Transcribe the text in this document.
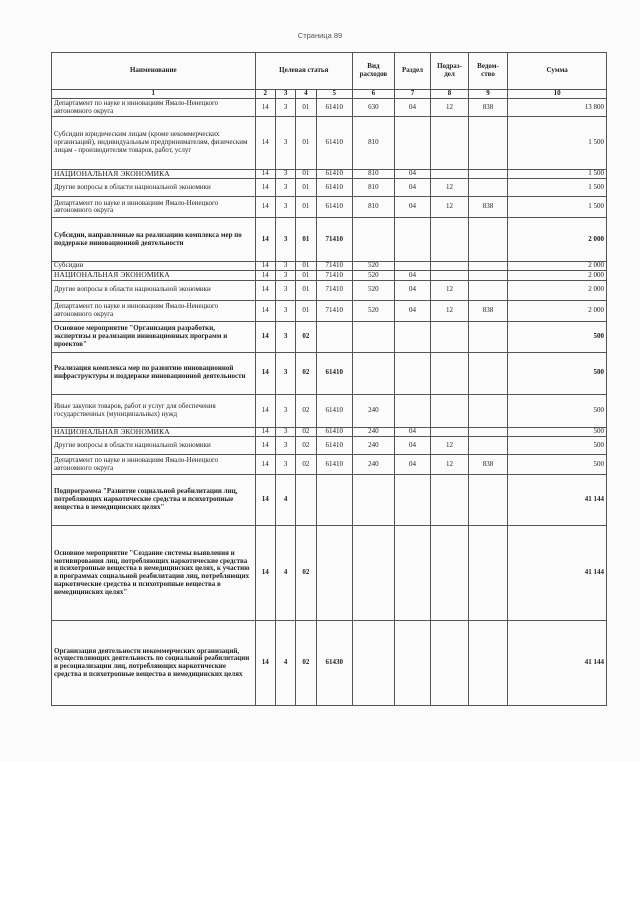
Страница 89
Наименование	Целевая статья				Вид расходов	Раздел	Подраз-дел	Ведом-ство	Сумма
1	2	3	4	5	6	7	8	9	10
Департамент по науке и инновациям Ямало-Ненецкого автономного округа	14	3	01	61410	630	04	12	838	13 800
Субсидии юридическим лицам (кроме некоммерческих организаций), индивидуальным предпринимателям, физическим лицам - производителям товаров, работ, услуг	14	3	01	61410	810				1 500
НАЦИОНАЛЬНАЯ ЭКОНОМИКА	14	3	01	61410	810	04			1 500
Другие вопросы в области национальной экономики	14	3	01	61410	810	04	12		1 500
Департамент по науке и инновациям Ямало-Ненецкого автономного округа	14	3	01	61410	810	04	12	838	1 500
Субсидии, направленные на реализацию комплекса мер по поддержке инновационной деятельности	14	3	01	71410					2 000
Субсидии	14	3	01	71410	520				2 000
НАЦИОНАЛЬНАЯ ЭКОНОМИКА	14	3	01	71410	520	04			2 000
Другие вопросы в области национальной экономики	14	3	01	71410	520	04	12		2 000
Департамент по науке и инновациям Ямало-Ненецкого автономного округа	14	3	01	71410	520	04	12	838	2 000
Основное мероприятие "Организация разработки, экспертизы и реализации инновационных программ и проектов"	14	3	02						500
Реализация комплекса мер по развитию инновационной инфраструктуры и поддержке инновационной деятельности	14	3	02	61410					500
Иные закупки товаров, работ и услуг для обеспечения государственных (муниципальных) нужд	14	3	02	61410	240				500
НАЦИОНАЛЬНАЯ ЭКОНОМИКА	14	3	02	61410	240	04			500
Другие вопросы в области национальной экономики	14	3	02	61410	240	04	12		500
Департамент по науке и инновациям Ямало-Ненецкого автономного округа	14	3	02	61410	240	04	12	838	500
Подпрограмма "Развитие социальной реабилитации лиц, потребляющих наркотические средства и психотропные вещества в немедицинских целях"	14	4							41 144
Основное мероприятие "Создание системы выявления и мотивирования лиц, потребляющих наркотические средства и психотропные вещества в немедицинских целях, к участию в программах социальной реабилитации лиц, потребляющих наркотические средства и психотропные вещества в немедицинских целях"	14	4	02						41 144
Организация деятельности некоммерческих организаций, осуществляющих деятельность по социальной реабилитации и ресоциализации лиц, потребляющих наркотические средства и психотропные вещества в немедицинских целях	14	4	02	61430					41 144
